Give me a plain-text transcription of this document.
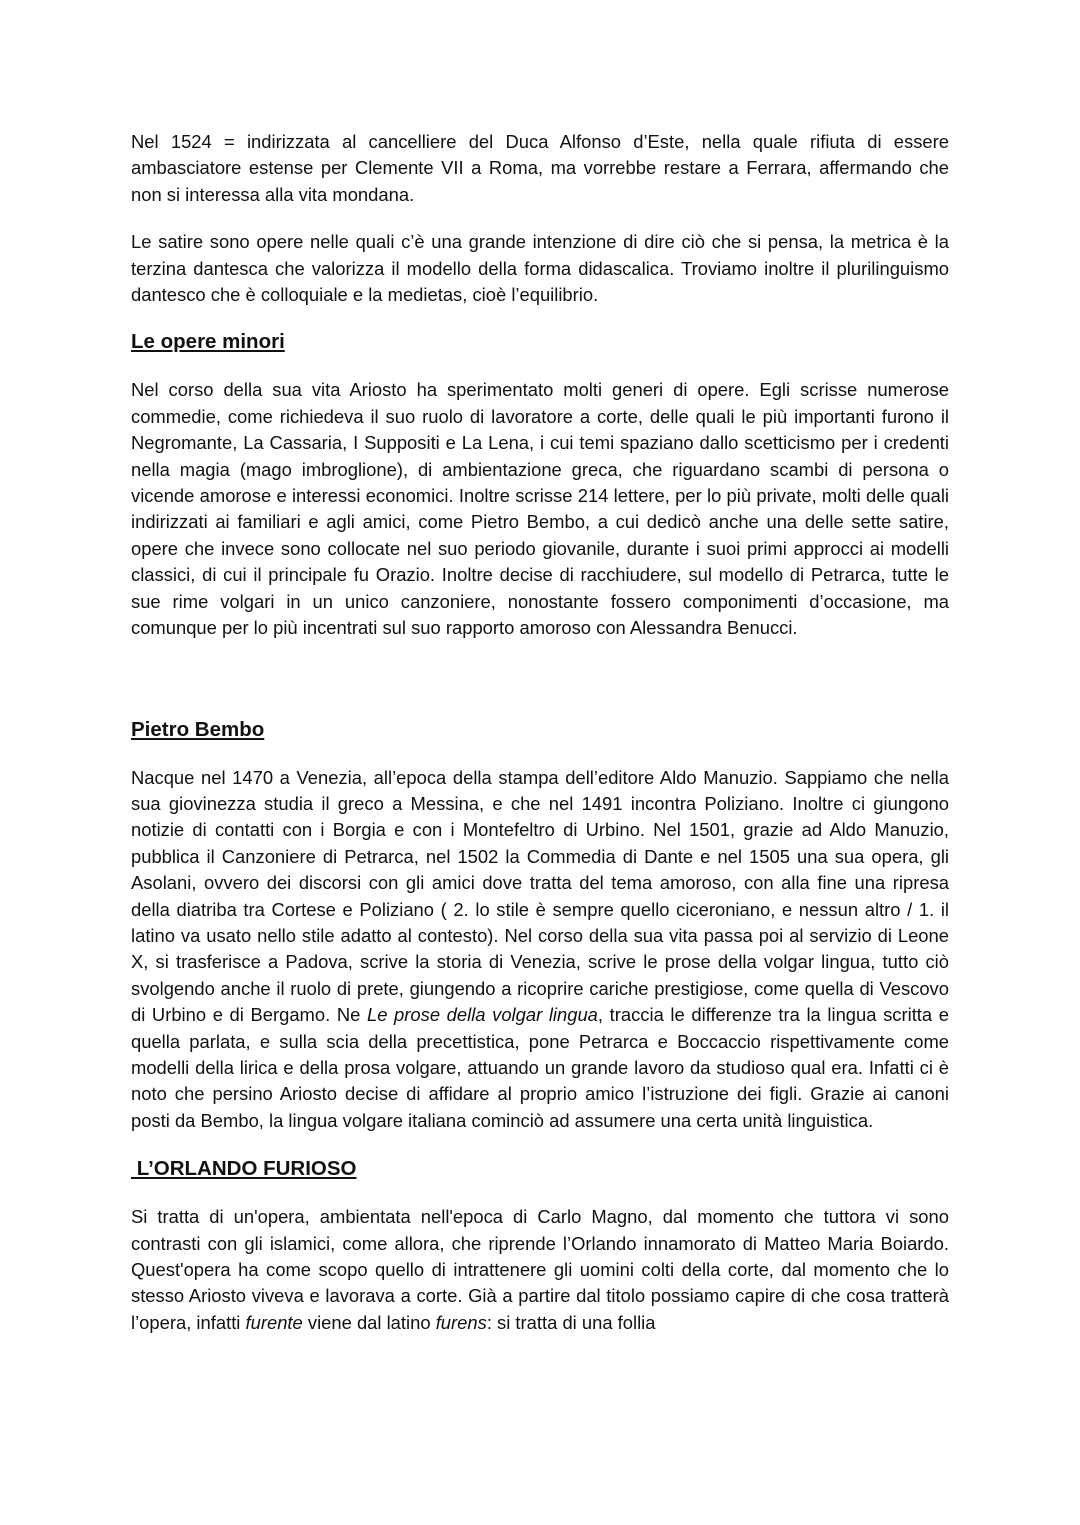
Nel 1524 = indirizzata al cancelliere del Duca Alfonso d’Este, nella quale rifiuta di essere ambasciatore estense per Clemente VII a Roma, ma vorrebbe restare a Ferrara, affermando che non si interessa alla vita mondana.

Le satire sono opere nelle quali c’è una grande intenzione di dire ciò che si pensa, la metrica è la terzina dantesca che valorizza il modello della forma didascalica. Troviamo inoltre il plurilinguismo dantesco che è colloquiale e la medietas, cioè l’equilibrio.

Le opere minori

Nel corso della sua vita Ariosto ha sperimentato molti generi di opere. Egli scrisse numerose commedie, come richiedeva il suo ruolo di lavoratore a corte, delle quali le più importanti furono il Negromante, La Cassaria, I Suppositi e La Lena, i cui temi spaziano dallo scetticismo per i credenti nella magia (mago imbroglione), di ambientazione greca, che riguardano scambi di persona o vicende amorose e interessi economici. Inoltre scrisse 214 lettere, per lo più private, molti delle quali indirizzati ai familiari e agli amici, come Pietro Bembo, a cui dedicò anche una delle sette satire, opere che invece sono collocate nel suo periodo giovanile, durante i suoi primi approcci ai modelli classici, di cui il principale fu Orazio. Inoltre decise di racchiudere, sul modello di Petrarca, tutte le sue rime volgari in un unico canzoniere, nonostante fossero componimenti d’occasione, ma comunque per lo più incentrati sul suo rapporto amoroso con Alessandra Benucci.

Pietro Bembo

Nacque nel 1470 a Venezia, all’epoca della stampa dell’editore Aldo Manuzio. Sappiamo che nella sua giovinezza studia il greco a Messina, e che nel 1491 incontra Poliziano. Inoltre ci giungono notizie di contatti con i Borgia e con i Montefeltro di Urbino. Nel 1501, grazie ad Aldo Manuzio, pubblica il Canzoniere di Petrarca, nel 1502 la Commedia di Dante e nel 1505 una sua opera, gli Asolani, ovvero dei discorsi con gli amici dove tratta del tema amoroso, con alla fine una ripresa della diatriba tra Cortese e Poliziano ( 2. lo stile è sempre quello ciceroniano, e nessun altro / 1. il latino va usato nello stile adatto al contesto). Nel corso della sua vita passa poi al servizio di Leone X, si trasferisce a Padova, scrive la storia di Venezia, scrive le prose della volgar lingua, tutto ciò svolgendo anche il ruolo di prete, giungendo a ricoprire cariche prestigiose, come quella di Vescovo di Urbino e di Bergamo. Ne Le prose della volgar lingua, traccia le differenze tra la lingua scritta e quella parlata, e sulla scia della precettistica, pone Petrarca e Boccaccio rispettivamente come modelli della lirica e della prosa volgare, attuando un grande lavoro da studioso qual era. Infatti ci è noto che persino Ariosto decise di affidare al proprio amico l’istruzione dei figli. Grazie ai canoni posti da Bembo, la lingua volgare italiana cominciò ad assumere una certa unità linguistica.

L’ORLANDO FURIOSO

Si tratta di un'opera, ambientata nell'epoca di Carlo Magno, dal momento che tuttora vi sono contrasti con gli islamici, come allora, che riprende l’Orlando innamorato di Matteo Maria Boiardo. Quest'opera ha come scopo quello di intrattenere gli uomini colti della corte, dal momento che lo stesso Ariosto viveva e lavorava a corte. Già a partire dal titolo possiamo capire di che cosa tratterà l’opera, infatti furente viene dal latino furens: si tratta di una follia
